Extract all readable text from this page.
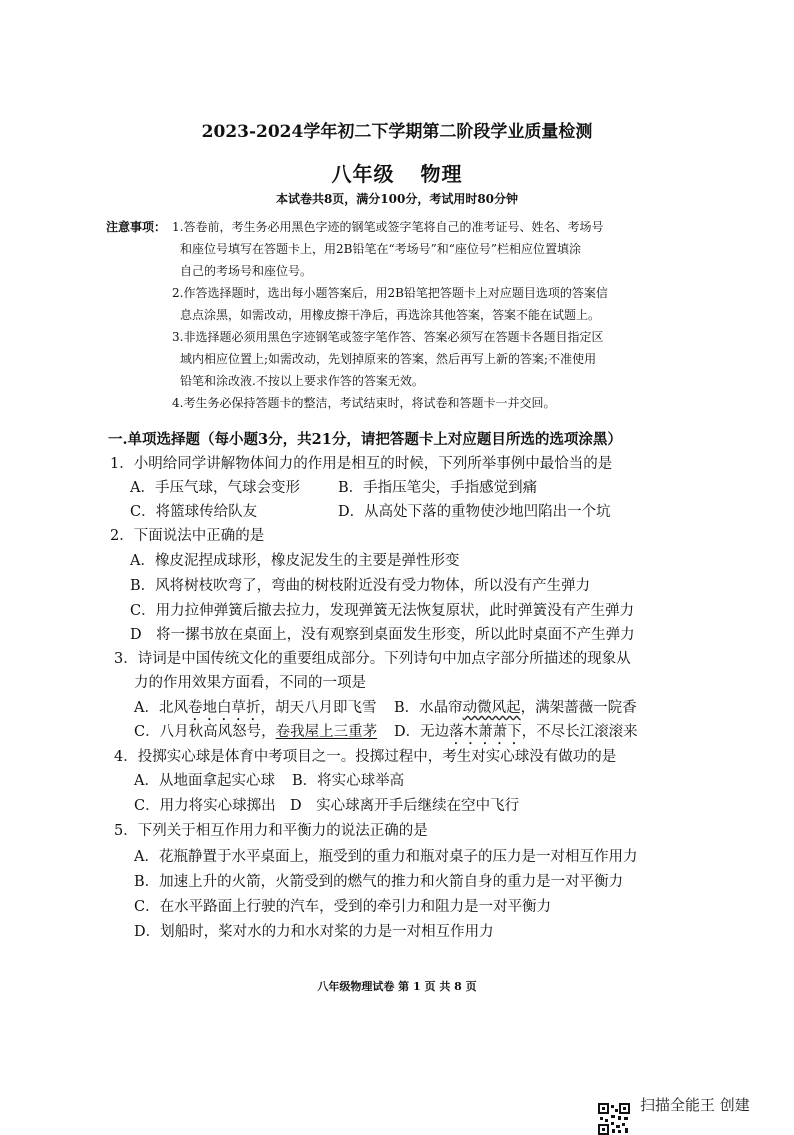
2023-2024学年初二下学期第二阶段学业质量检测
八年级 物理
本试卷共8页，满分100分，考试用时80分钟
注意事项： 1.答卷前，考生务必用黑色字迹的钢笔或签字笔将自己的准考证号、姓名、考场号
和座位号填写在答题卡上，用2B铅笔在“考场号”和“座位号”栏相应位置填涂
自己的考场号和座位号。
2.作答选择题时，选出每小题答案后，用2B铅笔把答题卡上对应题目选项的答案信
息点涂黑，如需改动，用橡皮擦干净后，再选涂其他答案，答案不能在试题上。
3.非选择题必须用黑色字迹钢笔或签字笔作答、答案必须写在答题卡各题目指定区
域内相应位置上;如需改动，先划掉原来的答案，然后再写上新的答案;不准使用
铅笔和涂改液.不按以上要求作答的答案无效。
4.考生务必保持答题卡的整洁，考试结束时，将试卷和答题卡一并交回。
一.单项选择题（每小题3分，共21分，请把答题卡上对应题目所选的选项涂黑）
1．小明给同学讲解物体间力的作用是相互的时候，下列所举事例中最恰当的是
A．手压气球，气球会变形	B．手指压笔尖，手指感觉到痛
C．将篮球传给队友	D．从高处下落的重物使沙地凹陷出一个坑
2．下面说法中正确的是
A．橡皮泥捏成球形，橡皮泥发生的主要是弹性形变
B．风将树枝吹弯了，弯曲的树枝附近没有受力物体，所以没有产生弹力
C．用力拉伸弹簧后撤去拉力，发现弹簧无法恢复原状，此时弹簧没有产生弹力
D　将一摞书放在桌面上，没有观察到桌面发生形变，所以此时桌面不产生弹力
3．诗词是中国传统文化的重要组成部分。下列诗句中加点字部分所描述的现象从
力的作用效果方面看，不同的一项是
A．北风卷地白草折，胡天八月即飞雪 B．水晶帘动微风起，满架蔷薇一院香
C．八月秋高风怒号，卷我屋上三重茅 D．无边落木萧萧下，不尽长江滚滚来
4．投掷实心球是体育中考项目之一。投掷过程中，考生对实心球没有做功的是
A．从地面拿起实心球 B．将实心球举高
C．用力将实心球掷出 D　实心球离开手后继续在空中飞行
5．下列关于相互作用力和平衡力的说法正确的是
A．花瓶静置于水平桌面上，瓶受到的重力和瓶对桌子的压力是一对相互作用力
B．加速上升的火箭，火箭受到的燃气的推力和火箭自身的重力是一对平衡力
C．在水平路面上行驶的汽车，受到的牵引力和阻力是一对平衡力
D．划船时，桨对水的力和水对桨的力是一对相互作用力
八年级物理试卷 第 1 页 共 8 页
扫描全能王 创建
